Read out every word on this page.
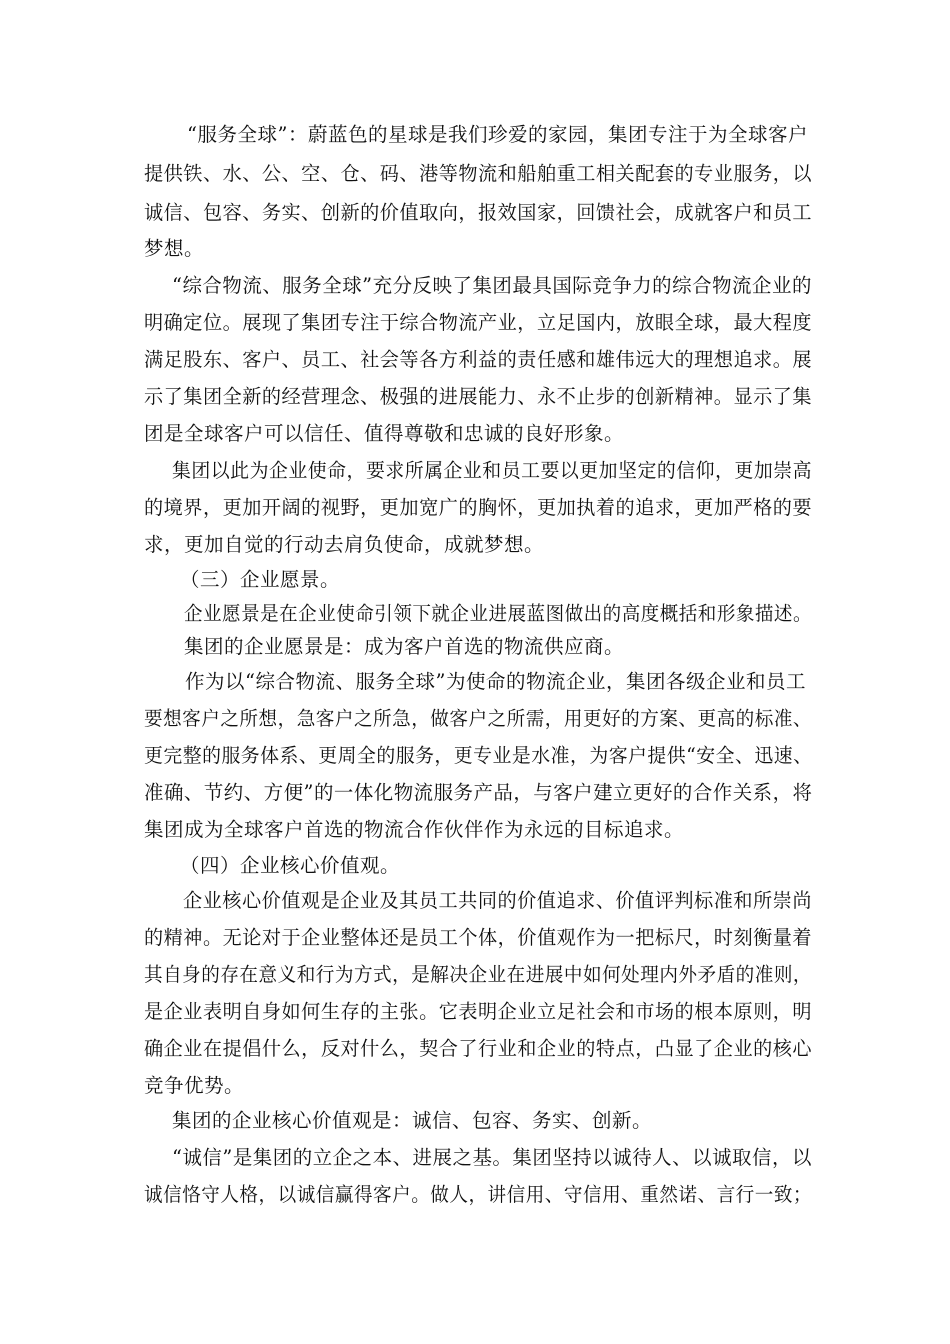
“服务全球”：蔚蓝色的星球是我们珍爱的家园，集团专注于为全球客户
提供铁、水、公、空、仓、码、港等物流和船舶重工相关配套的专业服务，以
诚信、包容、务实、创新的价值取向，报效国家，回馈社会，成就客户和员工
梦想。
“综合物流、服务全球”充分反映了集团最具国际竞争力的综合物流企业的
明确定位。展现了集团专注于综合物流产业，立足国内，放眼全球，最大程度
满足股东、客户、员工、社会等各方利益的责任感和雄伟远大的理想追求。展
示了集团全新的经营理念、极强的进展能力、永不止步的创新精神。显示了集
团是全球客户可以信任、值得尊敬和忠诚的良好形象。
集团以此为企业使命，要求所属企业和员工要以更加坚定的信仰，更加崇高
的境界，更加开阔的视野，更加宽广的胸怀，更加执着的追求，更加严格的要
求，更加自觉的行动去肩负使命，成就梦想。
（三）企业愿景。
企业愿景是在企业使命引领下就企业进展蓝图做出的高度概括和形象描述。
集团的企业愿景是：成为客户首选的物流供应商。
作为以“综合物流、服务全球”为使命的物流企业，集团各级企业和员工
要想客户之所想，急客户之所急，做客户之所需，用更好的方案、更高的标准、
更完整的服务体系、更周全的服务，更专业是水准，为客户提供“安全、迅速、
准确、节约、方便”的一体化物流服务产品，与客户建立更好的合作关系，将
集团成为全球客户首选的物流合作伙伴作为永远的目标追求。
（四）企业核心价值观。
企业核心价值观是企业及其员工共同的价值追求、价值评判标准和所崇尚
的精神。无论对于企业整体还是员工个体，价值观作为一把标尺，时刻衡量着
其自身的存在意义和行为方式，是解决企业在进展中如何处理内外矛盾的准则，
是企业表明自身如何生存的主张。它表明企业立足社会和市场的根本原则，明
确企业在提倡什么，反对什么，契合了行业和企业的特点，凸显了企业的核心
竞争优势。
集团的企业核心价值观是：诚信、包容、务实、创新。
“诚信”是集团的立企之本、进展之基。集团坚持以诚待人、以诚取信，以
诚信恪守人格，以诚信赢得客户。做人，讲信用、守信用、重然诺、言行一致；
